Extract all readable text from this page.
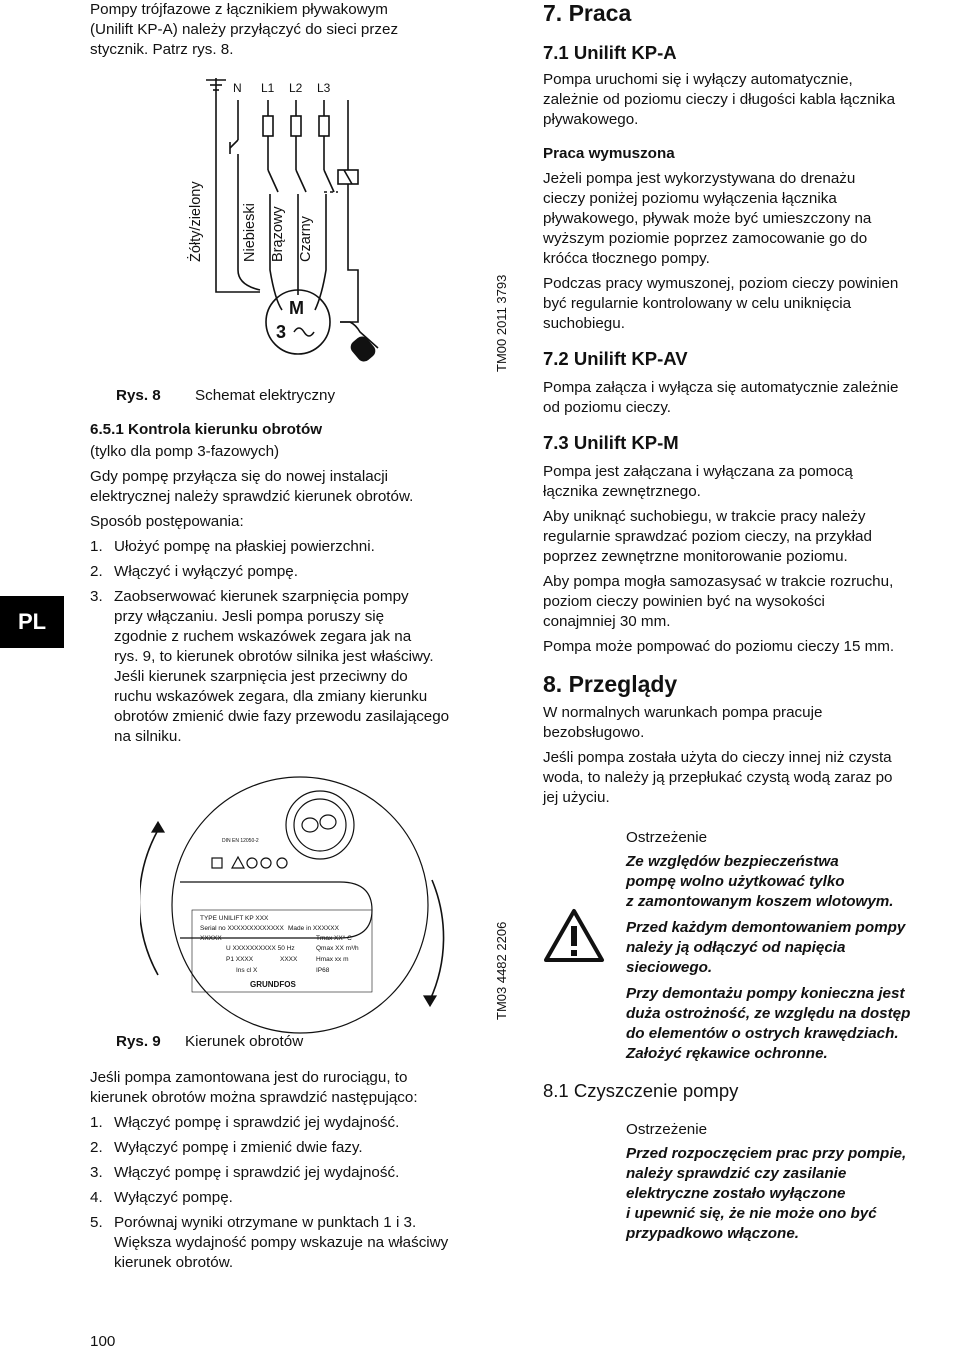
Pompy trójfazowe z łącznikiem pływakowym
(Unilift KP-A) należy przyłączyć do sieci przez
stycznik. Patrz rys. 8.
N L1 L2 L3
M
3
Żółty/zielony	Niebieski Brązowy Czarny
TM00 2011 3793
Rys. 8 Schemat elektryczny
6.5.1 Kontrola kierunku obrotów
(tylko dla pomp 3-fazowych)
Gdy pompę przyłącza się do nowej instalacji
elektrycznej należy sprawdzić kierunek obrotów.
Sposób postępowania:
1. Ułożyć pompę na płaskiej powierzchni.
2. Włączyć i wyłączyć pompę.
3. Zaobserwować kierunek szarpnięcia pompy
przy włączaniu. Jesli pompa poruszy się
zgodnie z ruchem wskazówek zegara jak na
rys. 9, to kierunek obrotów silnika jest właściwy.
Jeśli kierunek szarpnięcia jest przeciwny do
ruchu wskazówek zegara, dla zmiany kierunku
obrotów zmienić dwie fazy przewodu zasilającego
na silniku.
DIN EN 12050-2
TYPE UNILIFT KP XXX
Serial no XXXXXXXXXXXXX Made in XXXXXX
XXXXX	Tmax XX° C
U XXXXXXXXXX 50 Hz	Qmax XX m³/h
P1 XXXX	XXXX	Hmax xx m
Ins cl X	IP68
GRUNDFOS	TM03 4482 2206
Rys. 9 Kierunek obrotów
Jeśli pompa zamontowana jest do rurociągu, to
kierunek obrotów można sprawdzić następująco:
1. Włączyć pompę i sprawdzić jej wydajność.
2. Wyłączyć pompę i zmienić dwie fazy.
3. Włączyć pompę i sprawdzić jej wydajność.
4. Wyłączyć pompę.
5. Porównaj wyniki otrzymane w punktach 1 i 3.
Większa wydajność pompy wskazuje na właściwy
kierunek obrotów.
PL
100
7. Praca
7.1 Unilift KP-A
Pompa uruchomi się i wyłączy automatycznie,
zależnie od poziomu cieczy i długości kabla łącznika
pływakowego.
Praca wymuszona
Jeżeli pompa jest wykorzystywana do drenażu
cieczy poniżej poziomu wyłączenia łącznika
pływakowego, pływak może być umieszczony na
wyższym poziomie poprzez zamocowanie go do
króćca tłocznego pompy.
Podczas pracy wymuszonej, poziom cieczy powinien
być regularnie kontrolowany w celu uniknięcia
suchobiegu.
7.2 Unilift KP-AV
Pompa załącza i wyłącza się automatycznie zależnie
od poziomu cieczy.
7.3 Unilift KP-M
Pompa jest załączana i wyłączana za pomocą
łącznika zewnętrznego.
Aby uniknąć suchobiegu, w trakcie pracy należy
regularnie sprawdzać poziom cieczy, na przykład
poprzez zewnętrzne monitorowanie poziomu.
Aby pompa mogła samozasysać w trakcie rozruchu,
poziom cieczy powinien być na wysokości
conajmniej 30 mm.
Pompa może pompować do poziomu cieczy 15 mm.
8. Przeglądy
W normalnych warunkach pompa pracuje
bezobsługowo.
Jeśli pompa została użyta do cieczy innej niż czysta
woda, to należy ją przepłukać czystą wodą zaraz po
jej użyciu.
Ostrzeżenie
Ze względów bezpieczeństwa
pompę wolno użytkować tylko
z zamontowanym koszem wlotowym.
Przed każdym demontowaniem pompy
należy ją odłączyć od napięcia
sieciowego.
Przy demontażu pompy konieczna jest
duża ostrożność, ze względu na dostęp
do elementów o ostrych krawędziach.
Założyć rękawice ochronne.
8.1 Czyszczenie pompy
Ostrzeżenie
Przed rozpoczęciem prac przy pompie,
należy sprawdzić czy zasilanie
elektryczne zostało wyłączone
i upewnić się, że nie może ono być
przypadkowo włączone.
